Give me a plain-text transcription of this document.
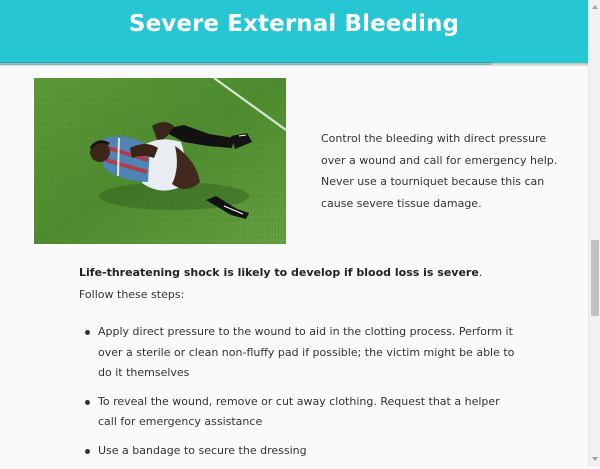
Severe External Bleeding
Control the bleeding with direct pressure over a wound and call for emergency help. Never use a tourniquet because this can cause severe tissue damage.
Life-threatening shock is likely to develop if blood loss is severe. Follow these steps:
Apply direct pressure to the wound to aid in the clotting process. Perform it over a sterile or clean non-fluffy pad if possible; the victim might be able to do it themselves
To reveal the wound, remove or cut away clothing. Request that a helper call for emergency assistance
Use a bandage to secure the dressing
